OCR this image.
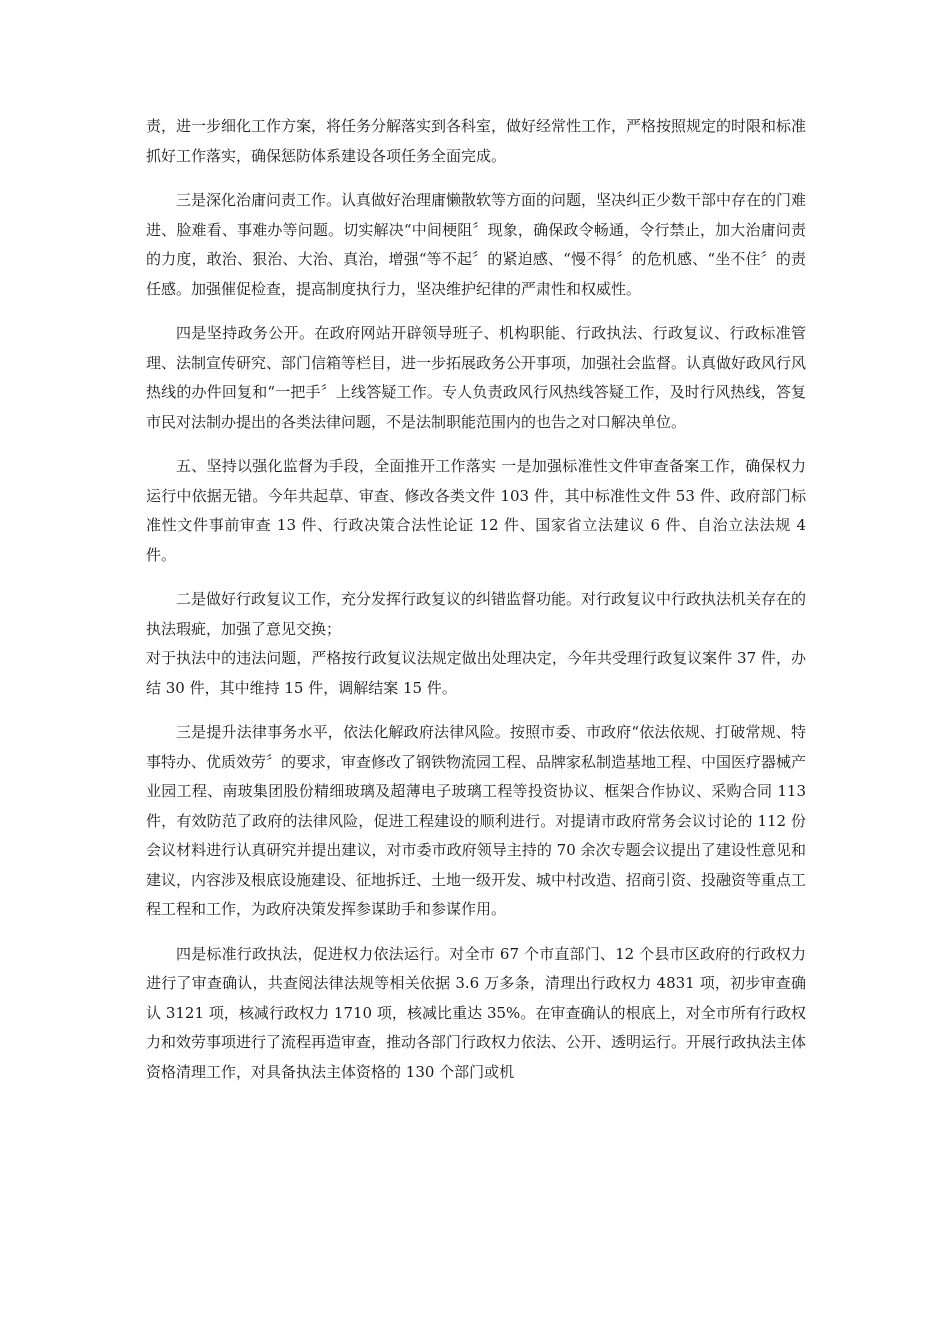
责，进一步细化工作方案，将任务分解落实到各科室，做好经常性工作，严格按照规定的时限和标准抓好工作落实，确保惩防体系建设各项任务全面完成。

三是深化治庸问责工作。认真做好治理庸懒散软等方面的问题，坚决纠正少数干部中存在的门难进、脸难看、事难办等问题。切实解决“中间梗阻〞现象，确保政令畅通，令行禁止，加大治庸问责的力度，敢治、狠治、大治、真治，增强“等不起〞的紧迫感、“慢不得〞的危机感、“坐不住〞的责任感。加强催促检查，提高制度执行力，坚决维护纪律的严肃性和权威性。

四是坚持政务公开。在政府网站开辟领导班子、机构职能、行政执法、行政复议、行政标准管理、法制宣传研究、部门信箱等栏目，进一步拓展政务公开事项，加强社会监督。认真做好政风行风热线的办件回复和“一把手〞上线答疑工作。专人负责政风行风热线答疑工作，及时行风热线，答复市民对法制办提出的各类法律问题，不是法制职能范围内的也告之对口解决单位。

五、坚持以强化监督为手段，全面推开工作落实 一是加强标准性文件审查备案工作，确保权力运行中依据无错。今年共起草、审查、修改各类文件 103 件，其中标准性文件 53 件、政府部门标准性文件事前审查 13 件、行政决策合法性论证 12 件、国家省立法建议 6 件、自治立法法规 4 件。

二是做好行政复议工作，充分发挥行政复议的纠错监督功能。对行政复议中行政执法机关存在的执法瑕疵，加强了意见交换；

对于执法中的违法问题，严格按行政复议法规定做出处理决定，今年共受理行政复议案件 37 件，办结 30 件，其中维持 15 件，调解结案 15 件。

三是提升法律事务水平，依法化解政府法律风险。按照市委、市政府“依法依规、打破常规、特事特办、优质效劳〞的要求，审查修改了钢铁物流园工程、品牌家私制造基地工程、中国医疗器械产业园工程、南玻集团股份精细玻璃及超薄电子玻璃工程等投资协议、框架合作协议、采购合同 113 件，有效防范了政府的法律风险，促进工程建设的顺利进行。对提请市政府常务会议讨论的 112 份会议材料进行认真研究并提出建议，对市委市政府领导主持的 70 余次专题会议提出了建设性意见和建议，内容涉及根底设施建设、征地拆迁、土地一级开发、城中村改造、招商引资、投融资等重点工程工程和工作，为政府决策发挥参谋助手和参谋作用。

四是标准行政执法，促进权力依法运行。对全市 67 个市直部门、12 个县市区政府的行政权力进行了审查确认，共查阅法律法规等相关依据 3.6 万多条，清理出行政权力 4831 项，初步审查确认 3121 项，核减行政权力 1710 项，核减比重达 35%。在审查确认的根底上，对全市所有行政权力和效劳事项进行了流程再造审查，推动各部门行政权力依法、公开、透明运行。开展行政执法主体资格清理工作，对具备执法主体资格的 130 个部门或机
